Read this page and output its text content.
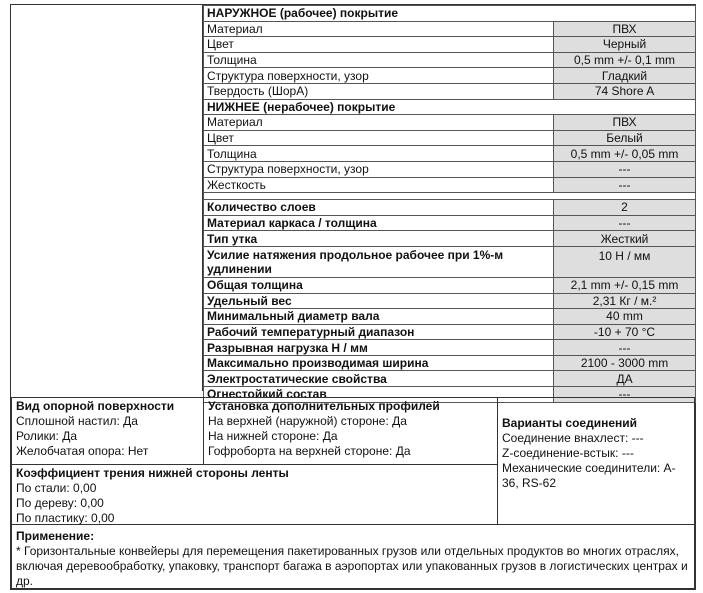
НАРУЖНОЕ (рабочее) покрытие	
Материал	ПВХ
Цвет	Черный
Толщина	0,5 mm +/- 0,1 mm
Структура поверхности, узор	Гладкий
Твердость (ШорА)	74 Shore A
НИЖНЕЕ (нерабочее) покрытие	
Материал	ПВХ
Цвет	Белый
Толщина	0,5 mm +/- 0,05 mm
Структура поверхности, узор	---
Жесткость	---

Количество слоев	2
Материал каркаса / толщина	---
Тип утка	Жесткий
Усилие натяжения продольное рабочее при 1%-м удлинении	10 Н / мм
Общая толщина	2,1 mm +/- 0,15 mm
Удельный вес	2,31 Кг / м.²
Минимальный диаметр вала	40 mm
Рабочий температурный диапазон	-10 + 70 °С
Разрывная нагрузка Н / мм	---
Максимально производимая ширина	2100 - 3000 mm
Электростатические свойства	ДА
Огнестойкий состав	---
Вид опорной поверхности
Сплошной настил: Да
Ролики: Да
Желобчатая опора: Нет
Установка дополнительных профилей
На верхней (наружной) стороне: Да
На нижней стороне: Да
Гофроборта на верхней стороне: Да
Варианты соединений
Соединение внахлест: ---
Z-соединение-встык: ---
Механические соединители: A-36, RS-62
Коэффициент трения нижней стороны ленты
По стали: 0,00
По дереву: 0,00
По пластику: 0,00
Применение:
* Горизонтальные конвейеры для перемещения пакетированных грузов или отдельных продуктов во многих отраслях, включая деревообработку, упаковку, транспорт багажа в аэропортах или упакованных грузов в логистических центрах и др.
